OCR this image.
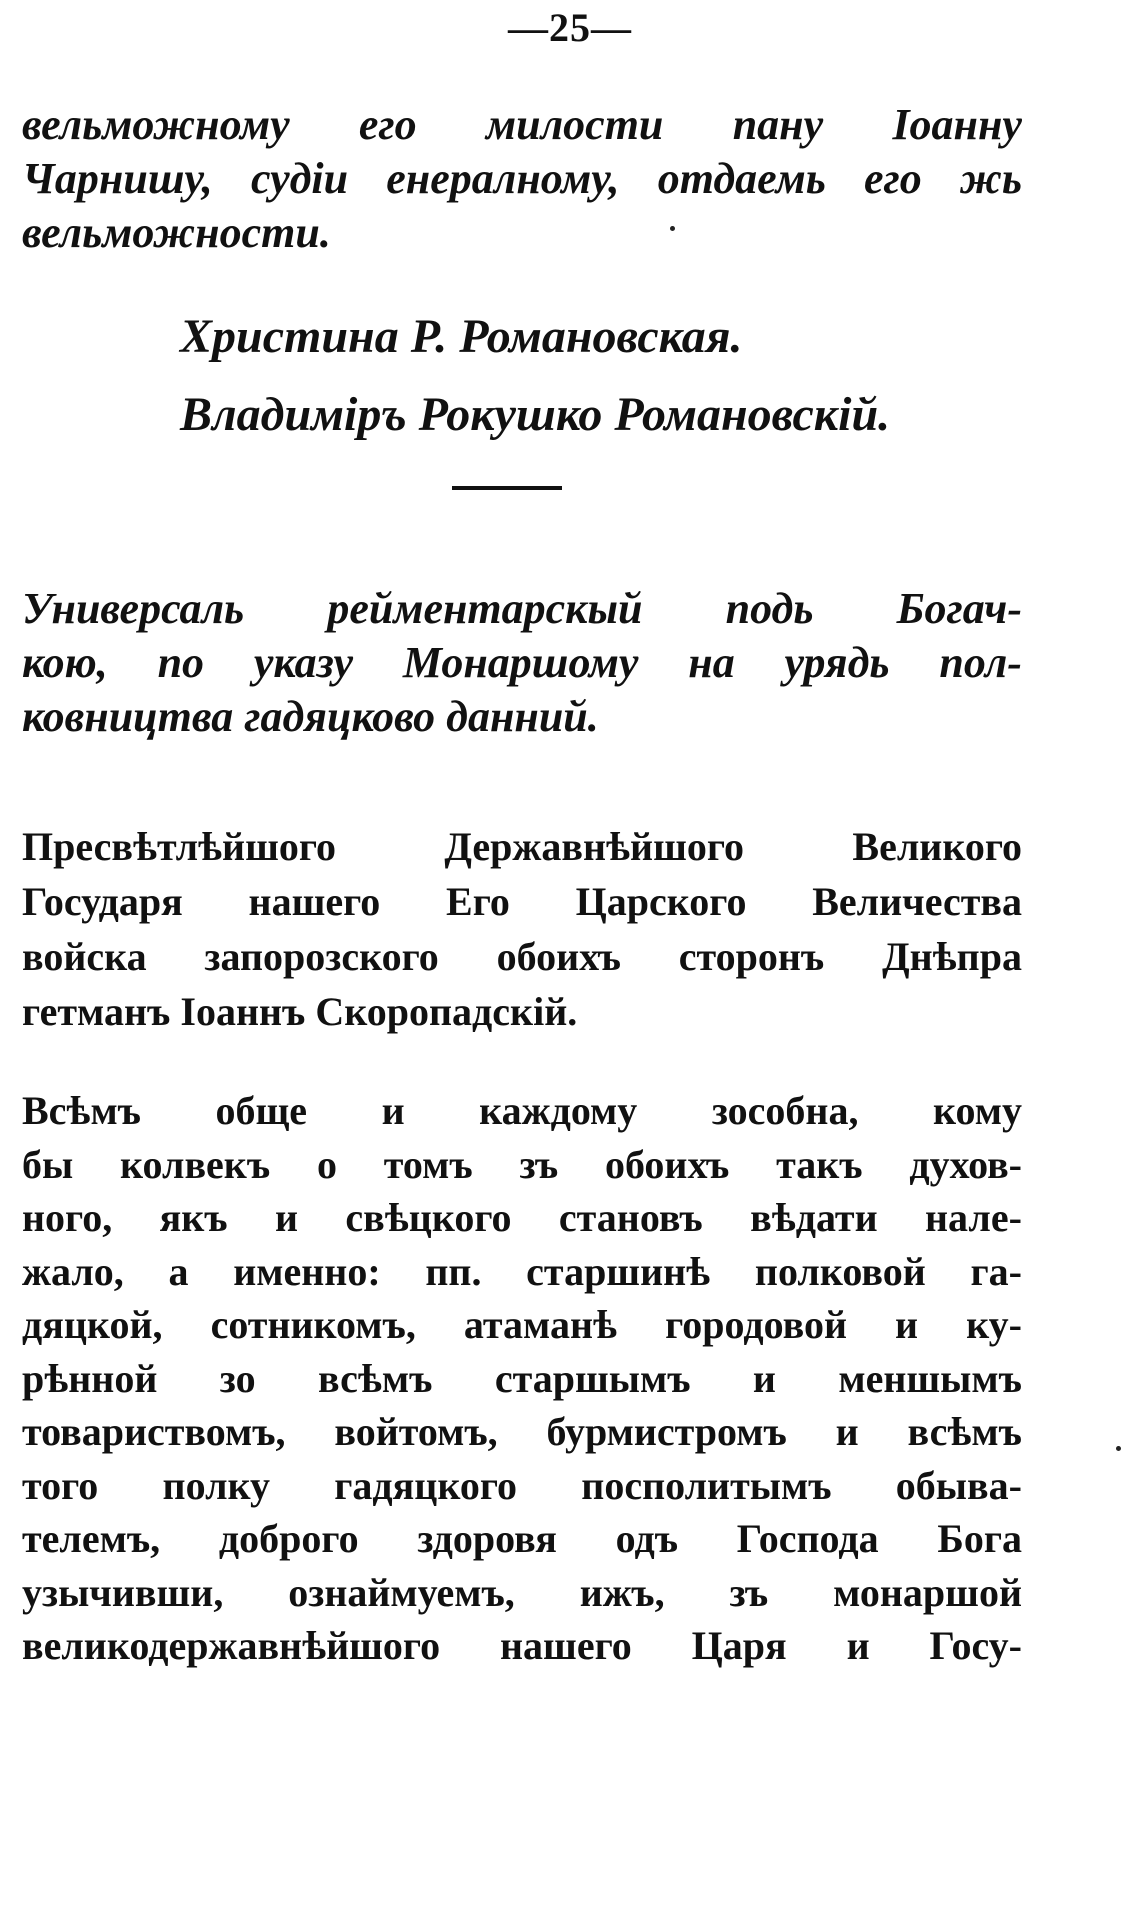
—25—
вельможному его милости пану Іоанну
Чарнишу, судіи енералному, отдаемь его жь
вельможности.
Христина Р. Романовская.
Владиміръ Рокушко Романовскій.
Универсаль рейментарскый подь Богач-
кою, по указу Монаршому на урядь пол-
ковництва гадяцково данний.
Пресвѣтлѣйшого	Державнѣйшого	Великого
Государя нашего Его Царского Величества
войска запорозского обоихъ сторонъ Днѣпра
гетманъ Іоаннъ Скоропадскій.
Всѣмъ обще и каждому зособна, кому
бы колвекъ о томъ зъ обоихъ такъ духов-
ного, якъ и свѣцкого становъ вѣдати нале-
жало, а именно: пп. старшинѣ полковой га-
дяцкой, сотникомъ, атаманѣ городовой и ку-
рѣнной зо всѣмъ старшымъ и меншымъ
товариствомъ, войтомъ, бурмистромъ и всѣмъ
того полку гадяцкого посполитымъ обыва-
телемъ, доброго здоровя одъ Господа Бога
узычивши, ознаймуемъ, ижъ, зъ монаршой
великодержавнѣйшого нашего Царя и Госу-
